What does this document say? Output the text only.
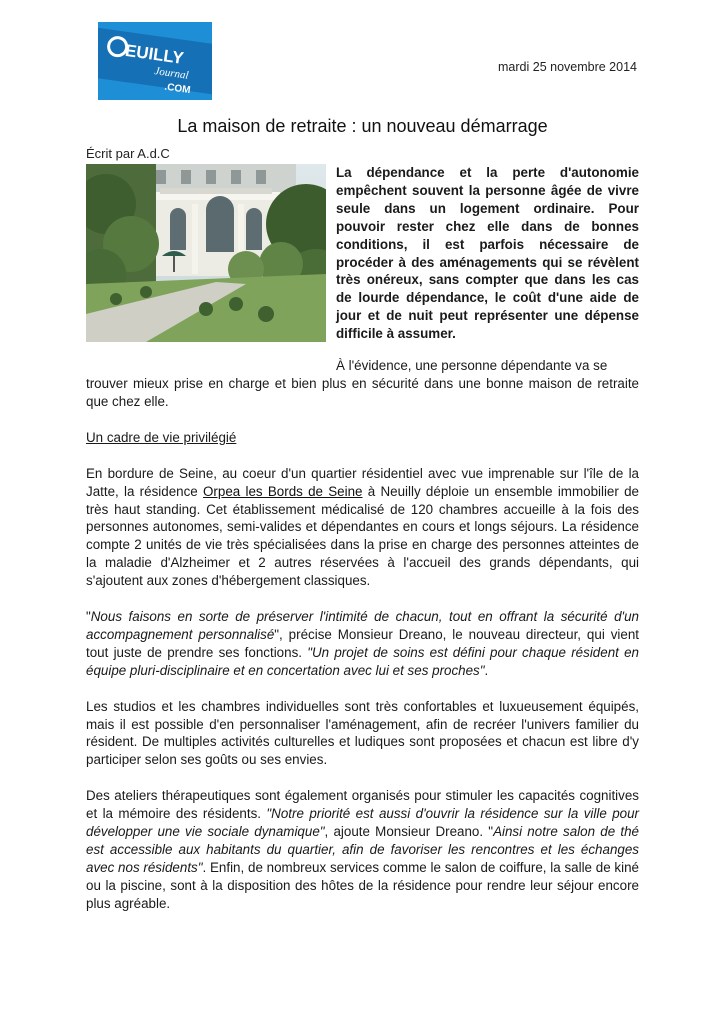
EUILLY
Journal
.COM
mardi 25 novembre 2014
La maison de retraite : un nouveau démarrage
Écrit par A.d.C

La dépendance et la perte d'autonomie empêchent souvent la personne âgée de vivre seule dans un logement ordinaire. Pour pouvoir rester chez elle dans de bonnes conditions, il est parfois nécessaire de procéder à des aménagements qui se révèlent très onéreux, sans compter que dans les cas de lourde dépendance, le coût d'une aide de jour et de nuit peut représenter une dépense difficile à assumer.

À l'évidence, une personne dépendante va se

trouver mieux prise en charge et bien plus en sécurité dans une bonne maison de retraite que chez elle.

Un cadre de vie privilégié

En bordure de Seine, au coeur d'un quartier résidentiel avec vue imprenable sur l'île de la Jatte, la résidence Orpea les Bords de Seine à Neuilly déploie un ensemble immobilier de très haut standing. Cet établissement médicalisé de 120 chambres accueille à la fois des personnes autonomes, semi-valides et dépendantes en cours et longs séjours. La résidence compte 2 unités de vie très spécialisées dans la prise en charge des personnes atteintes de la maladie d'Alzheimer et 2 autres réservées à l'accueil des grands dépendants, qui s'ajoutent aux zones d'hébergement classiques.

"Nous faisons en sorte de préserver l'intimité de chacun, tout en offrant la sécurité d'un accompagnement personnalisé", précise Monsieur Dreano, le nouveau directeur, qui vient tout juste de prendre ses fonctions. "Un projet de soins est défini pour chaque résident en équipe pluri-disciplinaire et en concertation avec lui et ses proches".

Les studios et les chambres individuelles sont très confortables et luxueusement équipés, mais il est possible d'en personnaliser l'aménagement, afin de recréer l'univers familier du résident. De multiples activités culturelles et ludiques sont proposées et chacun est libre d'y participer selon ses goûts ou ses envies.

Des ateliers thérapeutiques sont également organisés pour stimuler les capacités cognitives et la mémoire des résidents. "Notre priorité est aussi d'ouvrir la résidence sur la ville pour développer une vie sociale dynamique", ajoute Monsieur Dreano. "Ainsi notre salon de thé est accessible aux habitants du quartier, afin de favoriser les rencontres et les échanges avec nos résidents". Enfin, de nombreux services comme le salon de coiffure, la salle de kiné ou la piscine, sont à la disposition des hôtes de la résidence pour rendre leur séjour encore plus agréable.
